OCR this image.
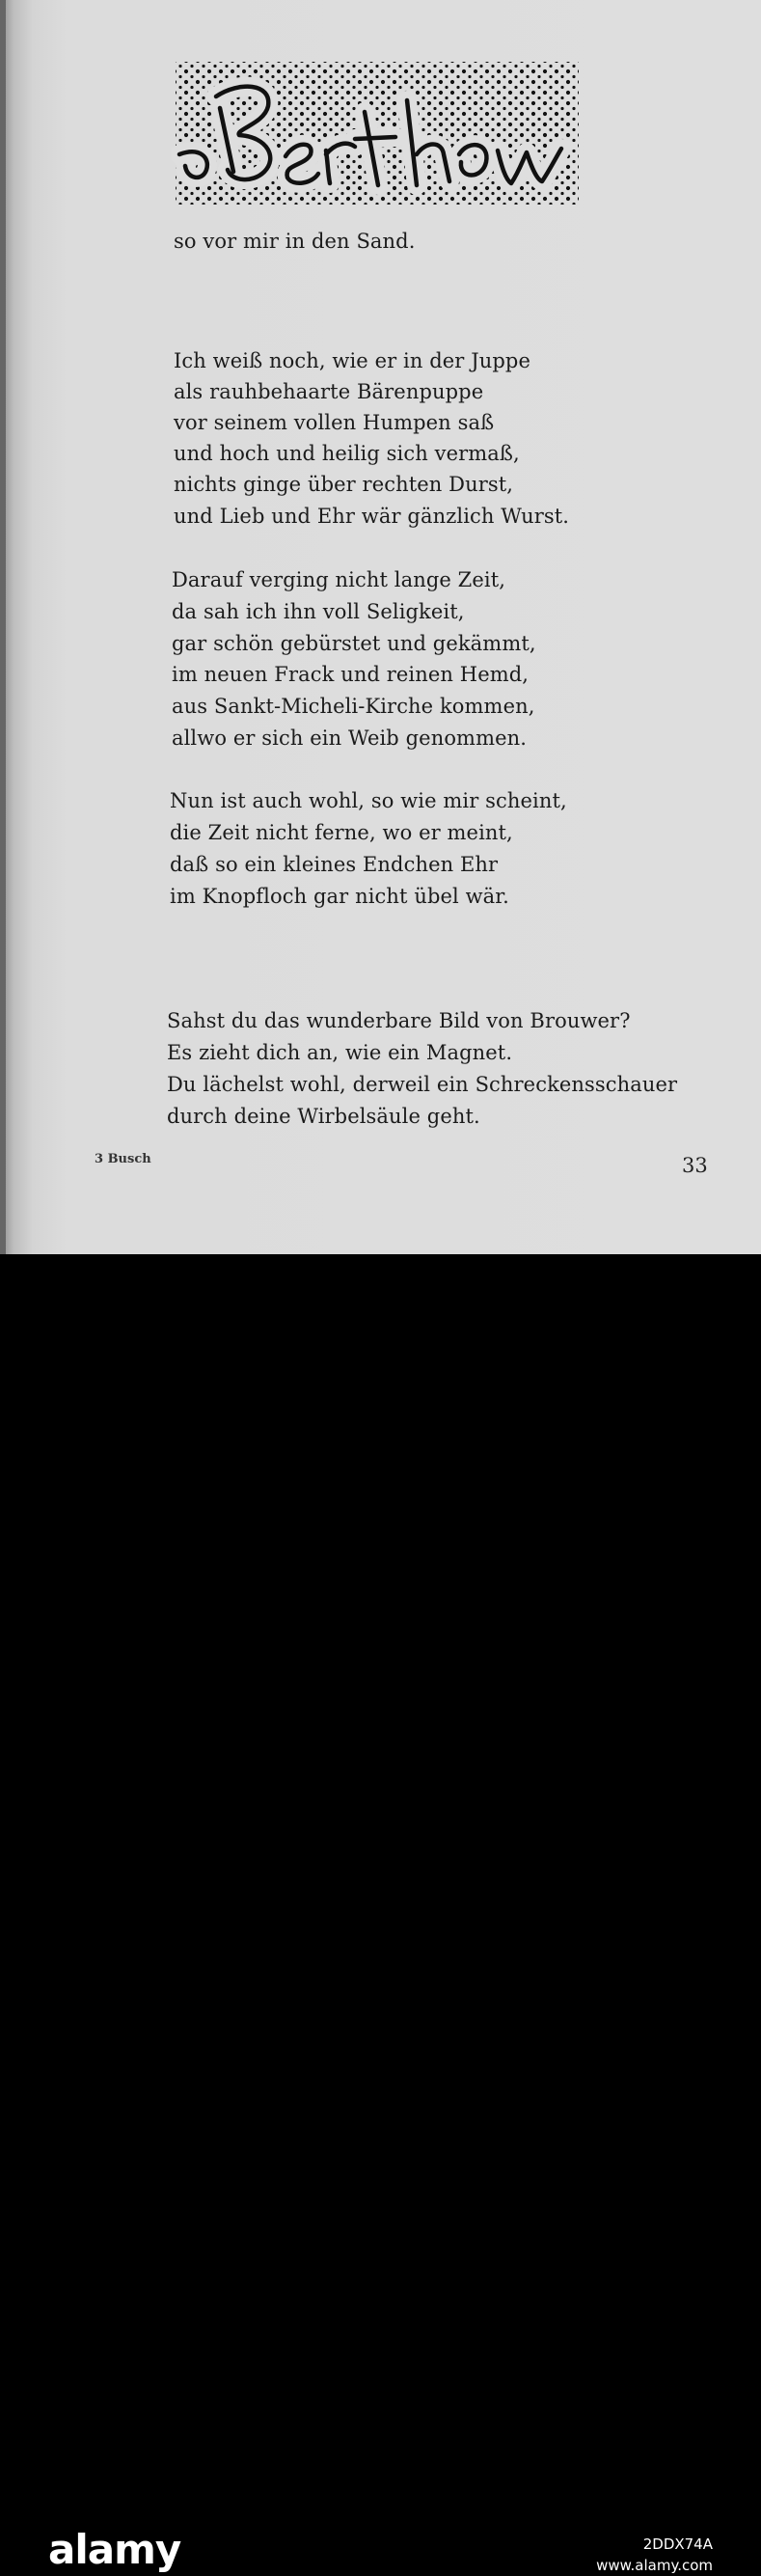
so vor mir in den Sand.
Ich weiß noch, wie er in der Juppe
als rauhbehaarte Bärenpuppe
vor seinem vollen Humpen saß
und hoch und heilig sich vermaß,
nichts ginge über rechten Durst,
und Lieb und Ehr wär gänzlich Wurst.
Darauf verging nicht lange Zeit,
da sah ich ihn voll Seligkeit,
gar schön gebürstet und gekämmt,
im neuen Frack und reinen Hemd,
aus Sankt-Micheli-Kirche kommen,
allwo er sich ein Weib genommen.
Nun ist auch wohl, so wie mir scheint,
die Zeit nicht ferne, wo er meint,
daß so ein kleines Endchen Ehr
im Knopfloch gar nicht übel wär.
Sahst du das wunderbare Bild von Brouwer?
Es zieht dich an, wie ein Magnet.
Du lächelst wohl, derweil ein Schreckensschauer
durch deine Wirbelsäule geht.
3 Busch	33
alamy	2DDX74A
www.alamy.com
